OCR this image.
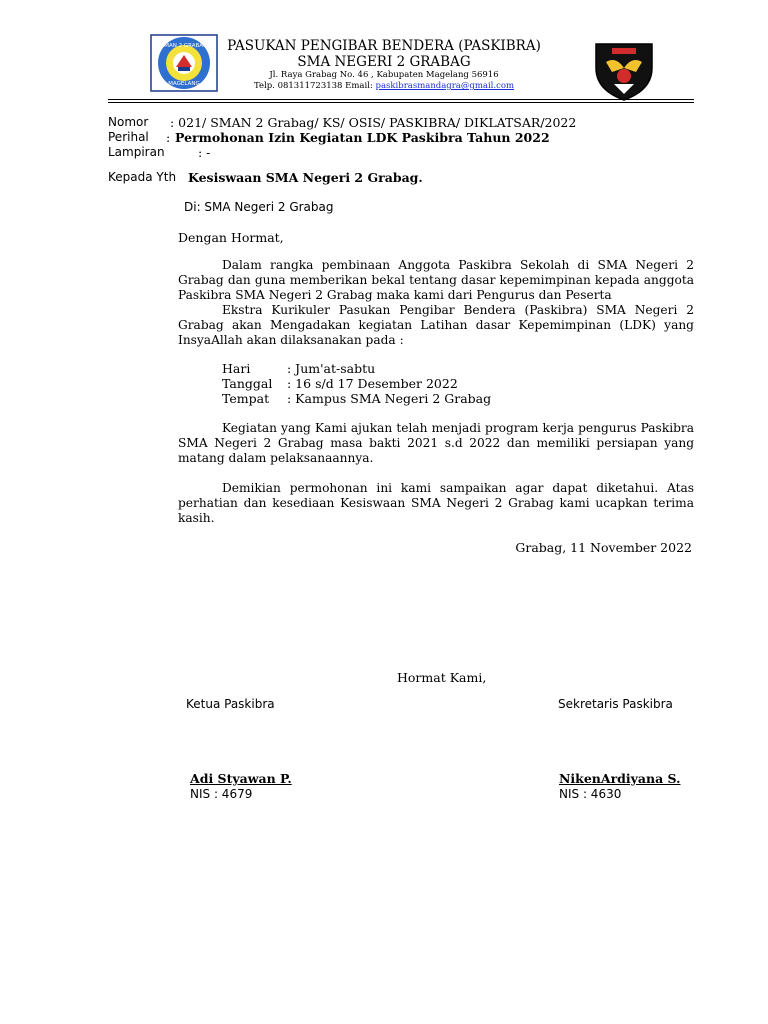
SMAN 2 GRABAG
MAGELANG
PASUKAN PENGIBAR BENDERA (PASKIBRA)
SMA NEGERI 2 GRABAG
Jl. Raya Grabag No. 46 , Kabupaten Magelang 56916
Telp. 081311723138 Email: paskibrasmandagra@gmail.com
Nomor : 021/ SMAN 2 Grabag/ KS/ OSIS/ PASKIBRA/ DIKLATSAR/2022
Perihal : Permohonan Izin Kegiatan LDK Paskibra Tahun 2022
Lampiran	: -
Kepada Yth Kesiswaan SMA Negeri 2 Grabag.
Di: SMA Negeri 2 Grabag
Dengan Hormat,
Dalam rangka pembinaan Anggota Paskibra Sekolah di SMA Negeri 2
Grabag dan guna memberikan bekal tentang dasar kepemimpinan kepada anggota
Paskibra SMA Negeri 2 Grabag maka kami dari Pengurus dan Peserta
Ekstra Kurikuler Pasukan Pengibar Bendera (Paskibra) SMA Negeri 2
Grabag akan Mengadakan kegiatan Latihan dasar Kepemimpinan (LDK) yang
InsyaAllah akan dilaksanakan pada :
Hari	: Jum'at-sabtu
Tanggal : 16 s/d 17 Desember 2022
Tempat : Kampus SMA Negeri 2 Grabag
Kegiatan yang Kami ajukan telah menjadi program kerja pengurus Paskibra
SMA Negeri 2 Grabag masa bakti 2021 s.d 2022 dan memiliki persiapan yang
matang dalam pelaksanaannya.
Demikian permohonan ini kami sampaikan agar dapat diketahui. Atas
perhatian dan kesediaan Kesiswaan SMA Negeri 2 Grabag kami ucapkan terima
kasih.
Grabag, 11 November 2022
Hormat Kami,
Ketua Paskibra	Sekretaris Paskibra
Adi Styawan P.
NIS : 4679
NikenArdiyana S.
NIS : 4630
